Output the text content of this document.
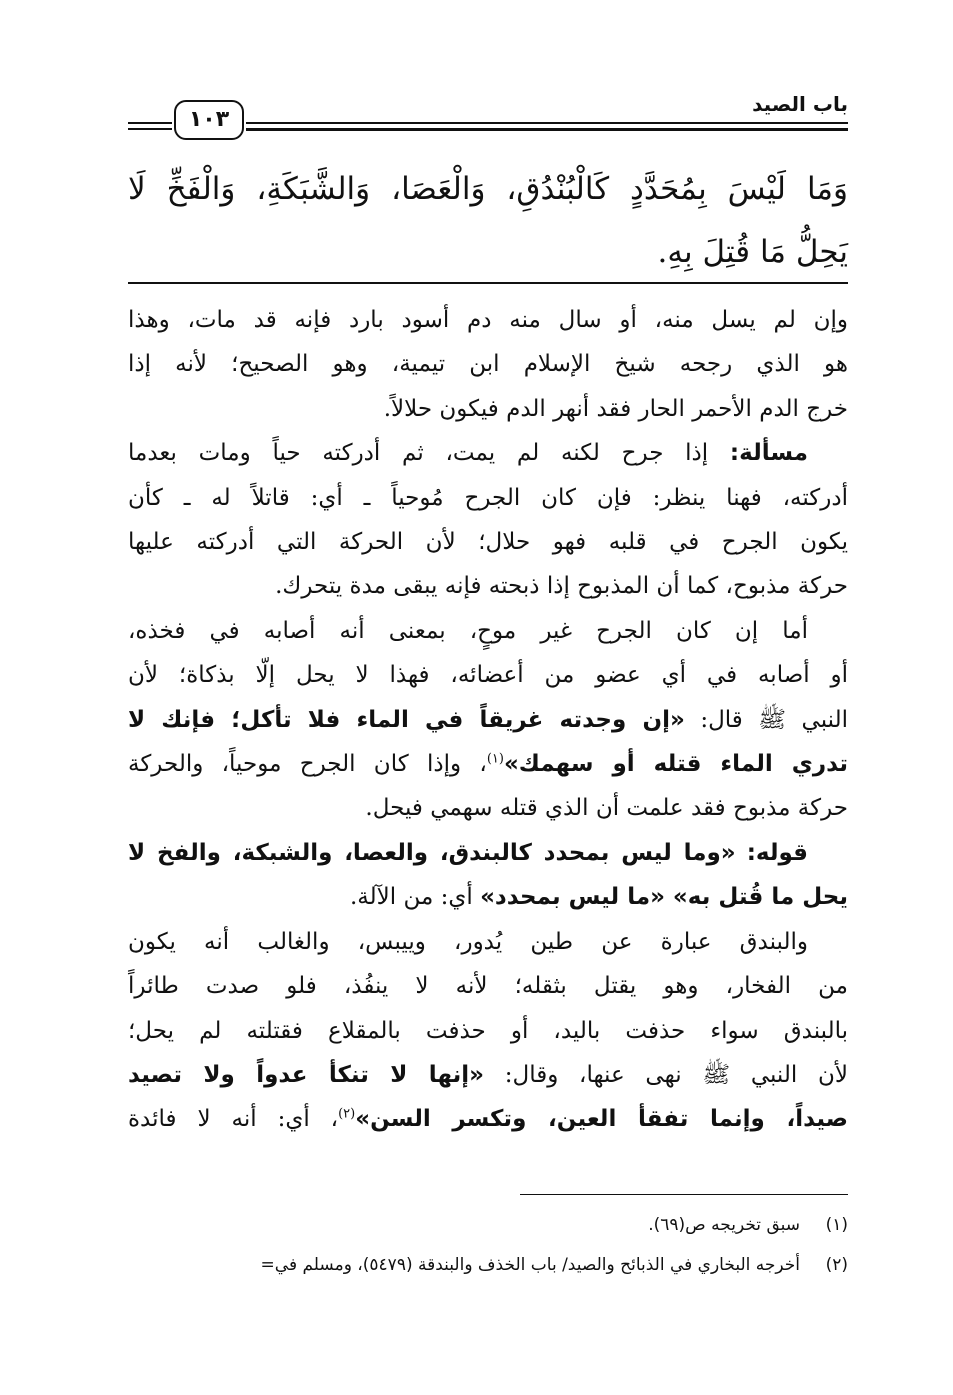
باب الصيد
١٠٣
وَمَا لَيْسَ بِمُحَدَّدٍ كَالْبُنْدُقِ، وَالْعَصَا، وَالشَّبَكَةِ، وَالْفَخِّ لَا
يَحِلُّ مَا قُتِلَ بِهِ.
وإن لم يسل منه، أو سال منه دم أسود بارد فإنه قد مات، وهذا
هو الذي رجحه شيخ الإسلام ابن تيمية، وهو الصحيح؛ لأنه إذا
خرج الدم الأحمر الحار فقد أنهر الدم فيكون حلالاً.
مسألة: إذا جرح لكنه لم يمت، ثم أدركته حياً ومات بعدما
أدركته، فهنا ينظر: فإن كان الجرح مُوحياً ـ أي: قاتلاً له ـ كأن
يكون الجرح في قلبه فهو حلال؛ لأن الحركة التي أدركته عليها
حركة مذبوح، كما أن المذبوح إذا ذبحته فإنه يبقى مدة يتحرك.
أما إن كان الجرح غير موحٍ، بمعنى أنه أصابه في فخذه،
أو أصابه في أي عضو من أعضائه، فهذا لا يحل إلّا بذكاة؛ لأن
النبي ﷺ قال: «إن وجدته غريقاً في الماء فلا تأكل؛ فإنك لا
تدري الماء قتله أو سهمك»$^{(١)}$، وإذا كان الجرح موحياً، والحركة
حركة مذبوح فقد علمت أن الذي قتله سهمي فيحل.
قوله: «وما ليس بمحدد كالبندق، والعصا، والشبكة، والفخ لا
يحل ما قُتل به» «ما ليس بمحدد» أي: من الآلة.
والبندق عبارة عن طين يُدور، وييبس، والغالب أنه يكون
من الفخار، وهو يقتل بثقله؛ لأنه لا ينفُذ، فلو صدت طائراً
بالبندق سواء حذفت باليد، أو حذفت بالمقلاع فقتلته لم يحل؛
لأن النبي ﷺ نهى عنها، وقال: «إنها لا تنكأ عدواً ولا تصيد
صيداً، وإنما تفقأ العين، وتكسر السن»$^{(٢)}$، أي: أنه لا فائدة
(١)سبق تخريجه ص(٦٩).
(٢)أخرجه البخاري في الذبائح والصيد/ باب الخذف والبندقة (٥٤٧٩)، ومسلم في=
